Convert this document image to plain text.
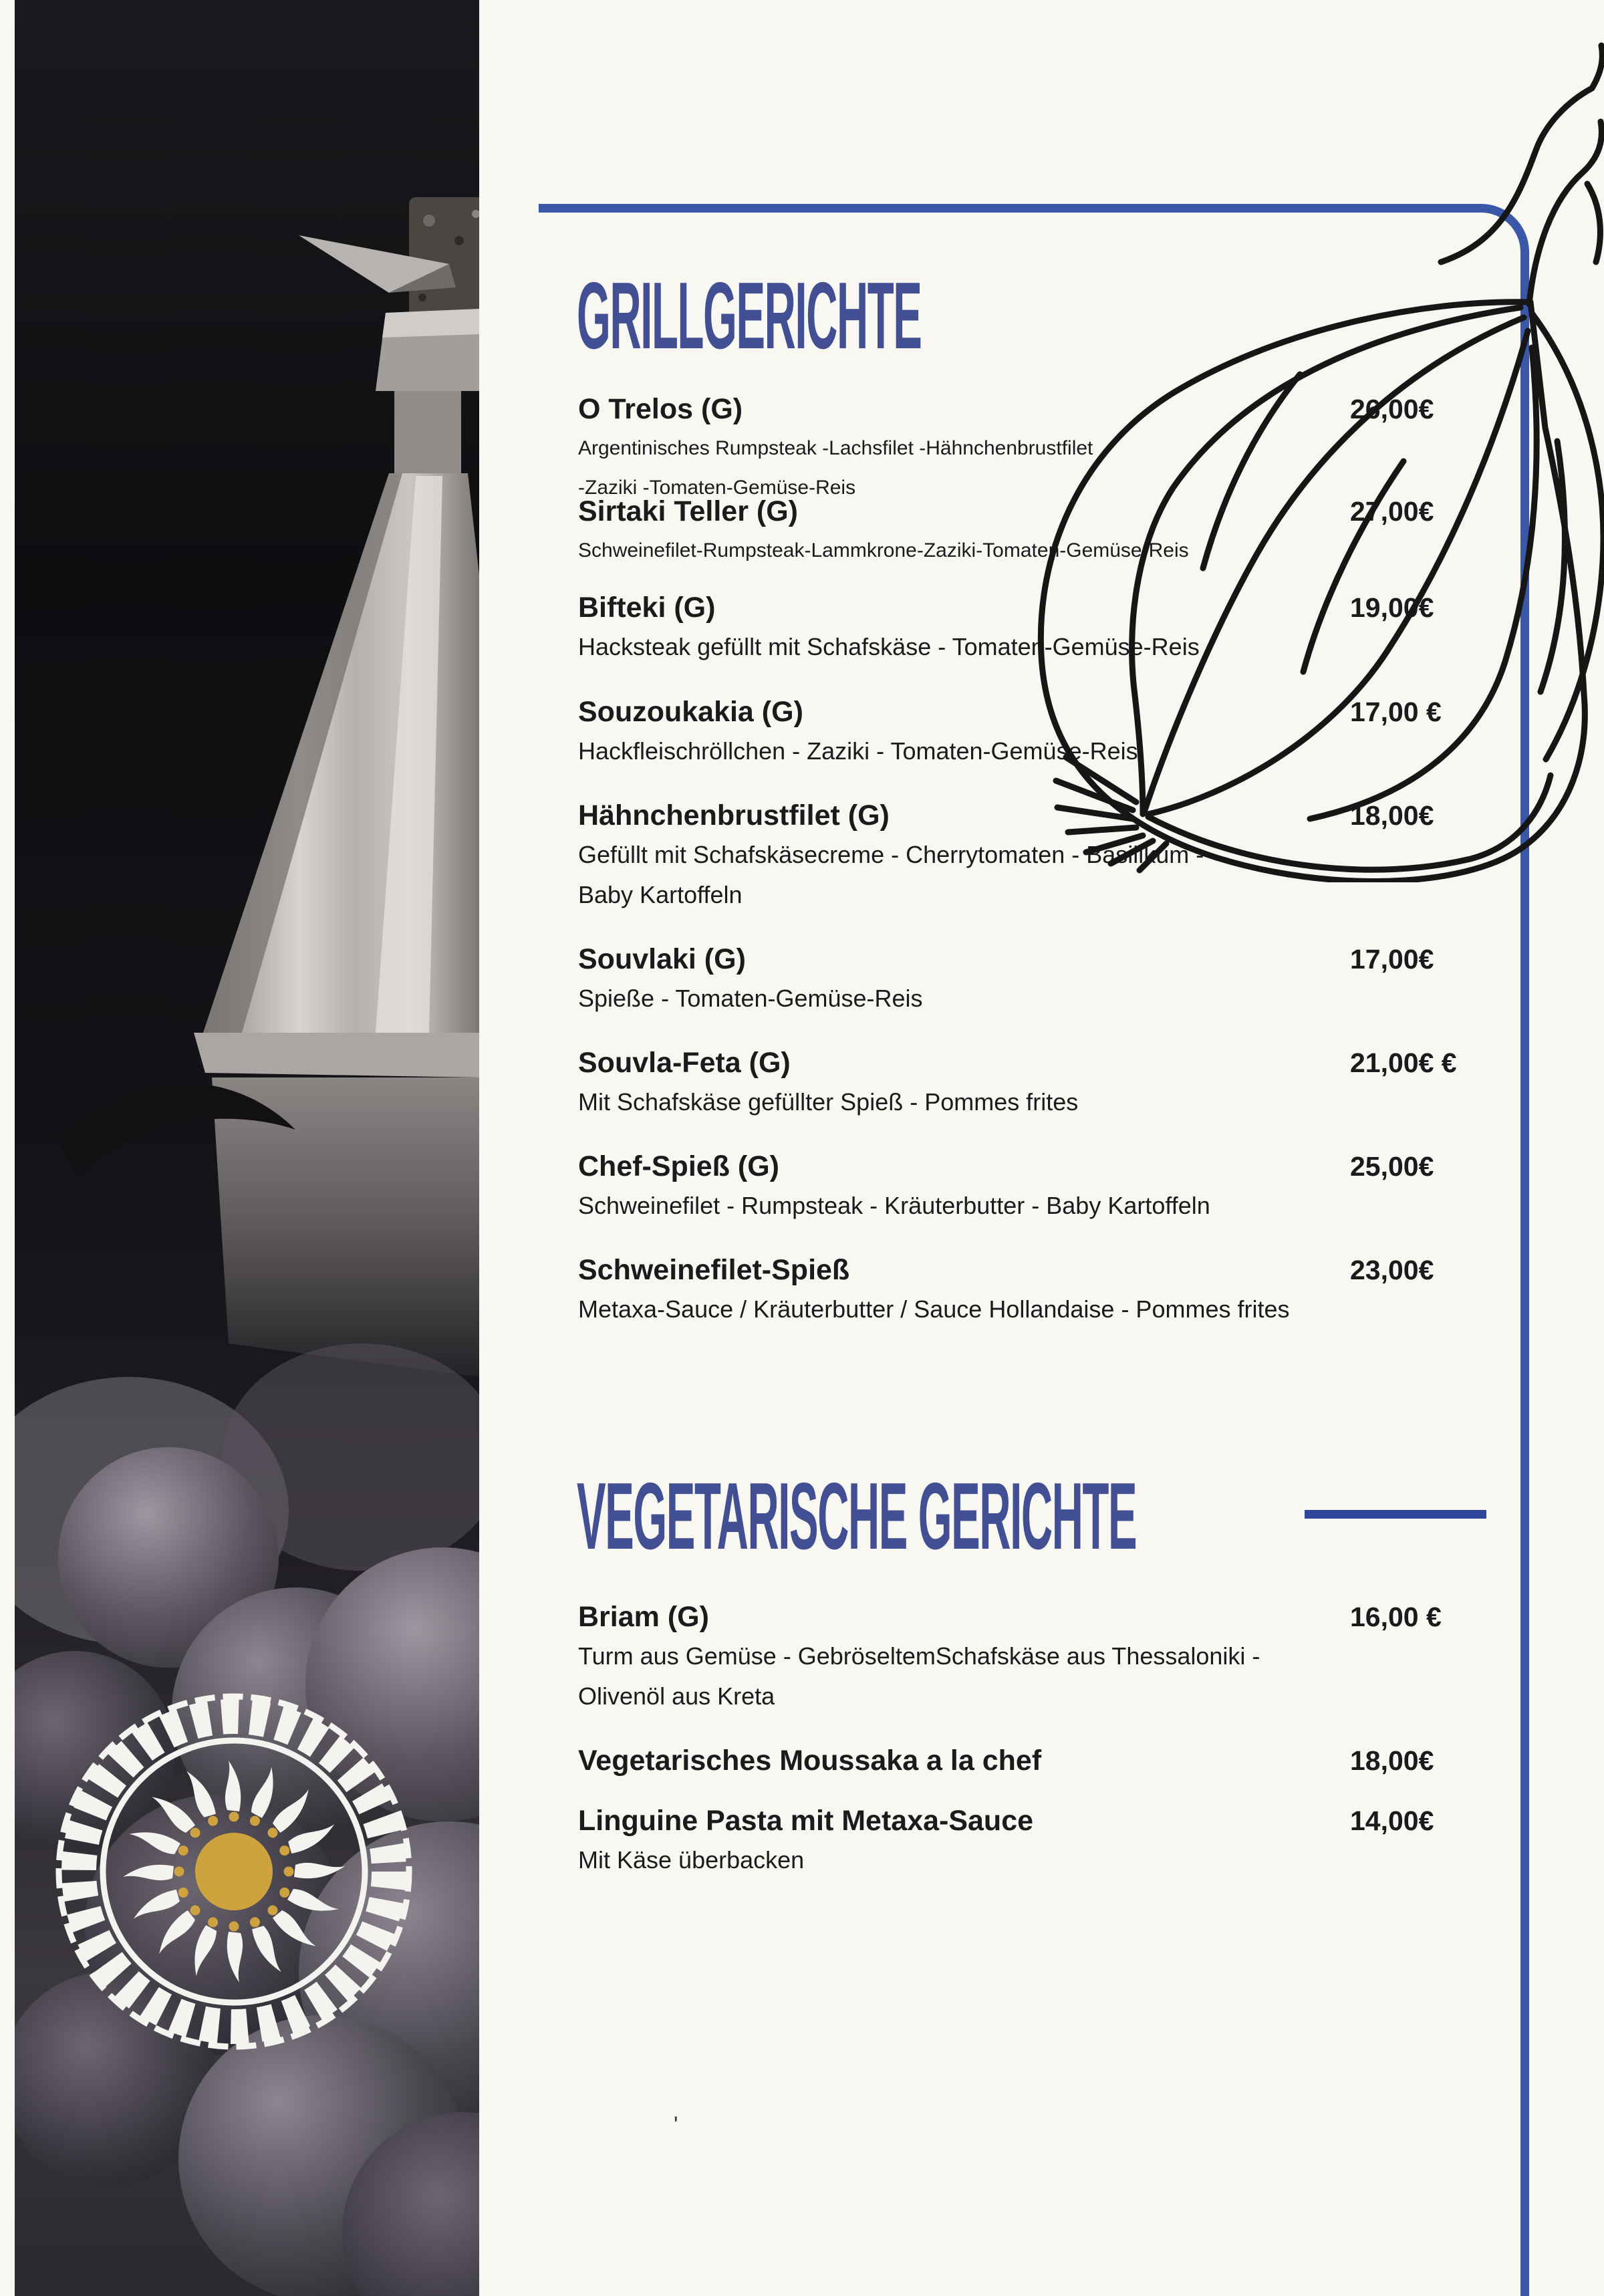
GRILLGERICHTE
O Trelos (G)	26,00€
Argentinisches Rumpsteak -Lachsfilet -Hähnchenbrustfilet
-Zaziki -Tomaten-Gemüse-Reis
Sirtaki Teller (G)	27,00€
Schweinefilet-Rumpsteak-Lammkrone-Zaziki-Tomaten-Gemüse-Reis
Bifteki (G)	19,00€
Hacksteak gefüllt mit Schafskäse - Tomaten-Gemüse-Reis
Souzoukakia (G)	17,00 €
Hackfleischröllchen - Zaziki - Tomaten-Gemüse-Reis
Hähnchenbrustfilet (G)	18,00€
Gefüllt mit Schafskäsecreme - Cherrytomaten - Basilikum -
Baby Kartoffeln
Souvlaki (G)	17,00€
Spieße - Tomaten-Gemüse-Reis
Souvla-Feta (G)	21,00€ €
Mit Schafskäse gefüllter Spieß - Pommes frites
Chef-Spieß (G)	25,00€
Schweinefilet - Rumpsteak - Kräuterbutter - Baby Kartoffeln
Schweinefilet-Spieß	23,00€
Metaxa-Sauce / Kräuterbutter / Sauce Hollandaise - Pommes frites
VEGETARISCHE GERICHTE
Briam (G)	16,00 €
Turm aus Gemüse - GebröseltemSchafskäse aus Thessaloniki -
Olivenöl aus Kreta
Vegetarisches Moussaka a la chef	18,00€
Linguine Pasta mit Metaxa-Sauce	14,00€
Mit Käse überbacken
'
